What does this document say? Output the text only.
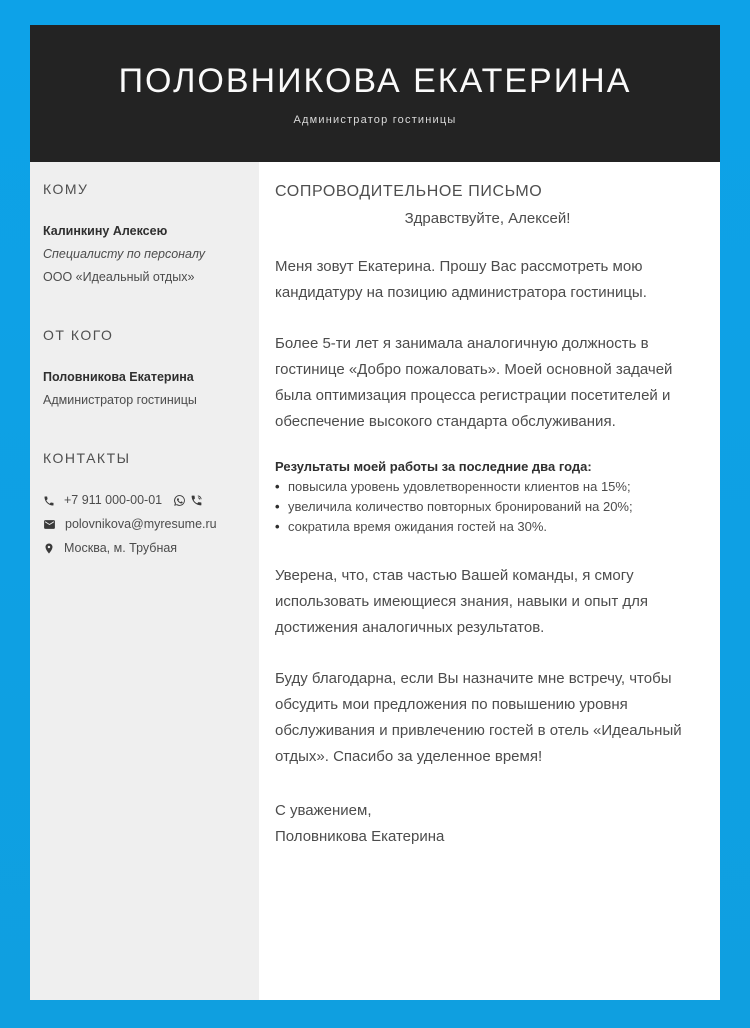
ПОЛОВНИКОВА ЕКАТЕРИНА
Администратор гостиницы
КОМУ
Калинкину Алексею
Специалисту по персоналу
ООО «Идеальный отдых»
ОТ КОГО
Половникова Екатерина
Администратор гостиницы
КОНТАКТЫ
+7 911 000-00-01
polovnikova@myresume.ru
Москва, м. Трубная
СОПРОВОДИТЕЛЬНОЕ ПИСЬМО

Здравствуйте, Алексей!

Меня зовут Екатерина. Прошу Вас рассмотреть мою кандидатуру на позицию администратора гостиницы.

Более 5-ти лет я занимала аналогичную должность в гостинице «Добро пожаловать». Моей основной задачей была оптимизация процесса регистрации посетителей и обеспечение высокого стандарта обслуживания.

Результаты моей работы за последние два года:

• повысила уровень удовлетворенности клиентов на 15%;
• увеличила количество повторных бронирований на 20%;
• сократила время ожидания гостей на 30%.

Уверена, что, став частью Вашей команды, я смогу использовать имеющиеся знания, навыки и опыт для достижения аналогичных результатов.

Буду благодарна, если Вы назначите мне встречу, чтобы обсудить мои предложения по повышению уровня обслуживания и привлечению гостей в отель «Идеальный отдых». Спасибо за уделенное время!

С уважением,
Половникова Екатерина
